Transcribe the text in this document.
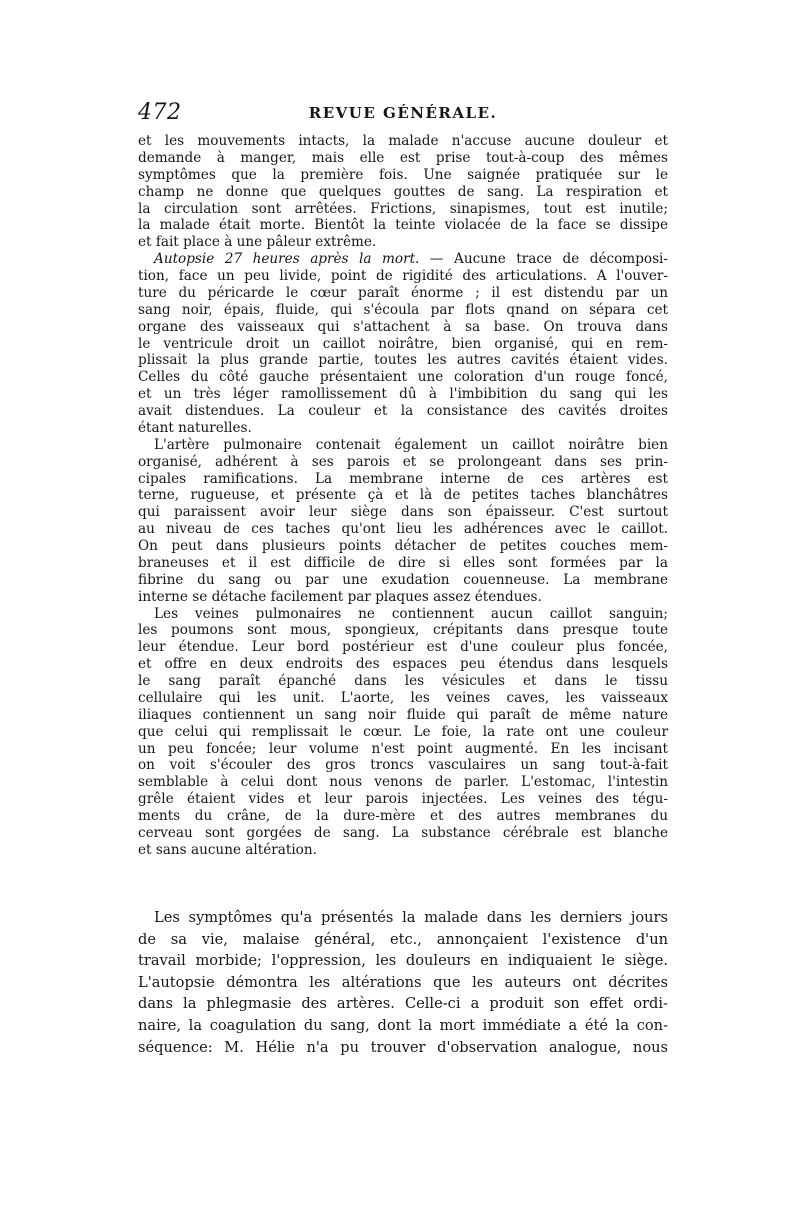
472	REVUE GÉNÉRALE.

et les mouvements intacts, la malade n'accuse aucune douleur et
demande à manger, mais elle est prise tout-à-coup des mêmes
symptômes que la première fois. Une saignée pratiquée sur le
champ ne donne que quelques gouttes de sang. La respiration et
la circulation sont arrêtées. Frictions, sinapismes, tout est inutile;
la malade était morte. Bientôt la teinte violacée de la face se dissipe
et fait place à une pâleur extrême.

Autopsie 27 heures après la mort. — Aucune trace de décomposi-
tion, face un peu livide, point de rigidité des articulations. A l'ouver-
ture du péricarde le cœur paraît énorme ; il est distendu par un
sang noir, épais, fluide, qui s'écoula par flots qnand on sépara cet
organe des vaisseaux qui s'attachent à sa base. On trouva dans
le ventricule droit un caillot noirâtre, bien organisé, qui en rem-
plissait la plus grande partie, toutes les autres cavités étaient vides.
Celles du côté gauche présentaient une coloration d'un rouge foncé,
et un très léger ramollissement dû à l'imbibition du sang qui les
avait distendues. La couleur et la consistance des cavités droites
étant naturelles.

L'artère pulmonaire contenait également un caillot noirâtre bien
organisé, adhérent à ses parois et se prolongeant dans ses prin-
cipales ramifications. La membrane interne de ces artères est
terne, rugueuse, et présente çà et là de petites taches blanchâtres
qui paraissent avoir leur siège dans son épaisseur. C'est surtout
au niveau de ces taches qu'ont lieu les adhérences avec le caillot.
On peut dans plusieurs points détacher de petites couches mem-
braneuses et il est difficile de dire si elles sont formées par la
fibrine du sang ou par une exudation couenneuse. La membrane
interne se détache facilement par plaques assez étendues.

Les veines pulmonaires ne contiennent aucun caillot sanguin;
les poumons sont mous, spongieux, crépitants dans presque toute
leur étendue. Leur bord postérieur est d'une couleur plus foncée,
et offre en deux endroits des espaces peu étendus dans lesquels
le sang paraît épanché dans les vésicules et dans le tissu
cellulaire qui les unit. L'aorte, les veines caves, les vaisseaux
iliaques contiennent un sang noir fluide qui paraît de même nature
que celui qui remplissait le cœur. Le foie, la rate ont une couleur
un peu foncée; leur volume n'est point augmenté. En les incisant
on voit s'écouler des gros troncs vasculaires un sang tout-à-fait
semblable à celui dont nous venons de parler. L'estomac, l'intestin
grêle étaient vides et leur parois injectées. Les veines des tégu-
ments du crâne, de la dure-mère et des autres membranes du
cerveau sont gorgées de sang. La substance cérébrale est blanche
et sans aucune altération.

Les symptômes qu'a présentés la malade dans les derniers jours
de sa vie, malaise général, etc., annonçaient l'existence d'un
travail morbide; l'oppression, les douleurs en indiquaient le siège.
L'autopsie démontra les altérations que les auteurs ont décrites
dans la phlegmasie des artères. Celle-ci a produit son effet ordi-
naire, la coagulation du sang, dont la mort immédiate a été la con-
séquence: M. Hélie n'a pu trouver d'observation analogue, nous
